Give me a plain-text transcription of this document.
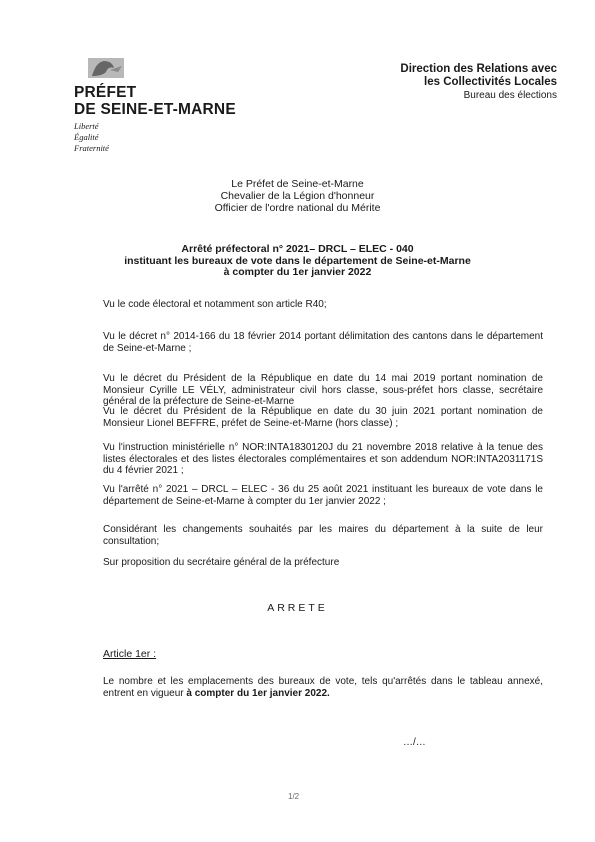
PRÉFET
DE SEINE-ET-MARNE
Liberté
Égalité
Fraternité
Direction des Relations avec
les Collectivités Locales
Bureau des élections
Le Préfet de Seine-et-Marne
Chevalier de la Légion d'honneur
Officier de l'ordre national du Mérite
Arrêté préfectoral n° 2021– DRCL – ELEC - 040
instituant les bureaux de vote dans le département de Seine-et-Marne
à compter du 1er janvier 2022
Vu le code électoral et notamment son article R40;
Vu le décret n° 2014-166 du 18 février 2014 portant délimitation des cantons dans le département de Seine-et-Marne ;
Vu le décret du Président de la République en date du 14 mai 2019 portant nomination de Monsieur Cyrille LE VÉLY, administrateur civil hors classe, sous-préfet hors classe, secrétaire général de la préfecture de Seine-et-Marne
Vu le décret du Président de la République en date du 30 juin 2021 portant nomination de Monsieur Lionel BEFFRE, préfet de Seine-et-Marne (hors classe) ;
Vu l'instruction ministérielle n° NOR:INTA1830120J du 21 novembre 2018 relative à la tenue des listes électorales et des listes électorales complémentaires et son addendum NOR:INTA2031171S du 4 février 2021 ;
Vu l'arrêté n° 2021 – DRCL – ELEC - 36 du 25 août 2021 instituant les bureaux de vote dans le département de Seine-et-Marne à compter du 1er janvier 2022 ;
Considérant les changements souhaités par les maires du département à la suite de leur consultation;
Sur proposition du secrétaire général de la préfecture
ARRETE
Article 1er :
Le nombre et les emplacements des bureaux de vote, tels qu'arrêtés dans le tableau annexé, entrent en vigueur à compter du 1er janvier 2022.
…/…
1/2
